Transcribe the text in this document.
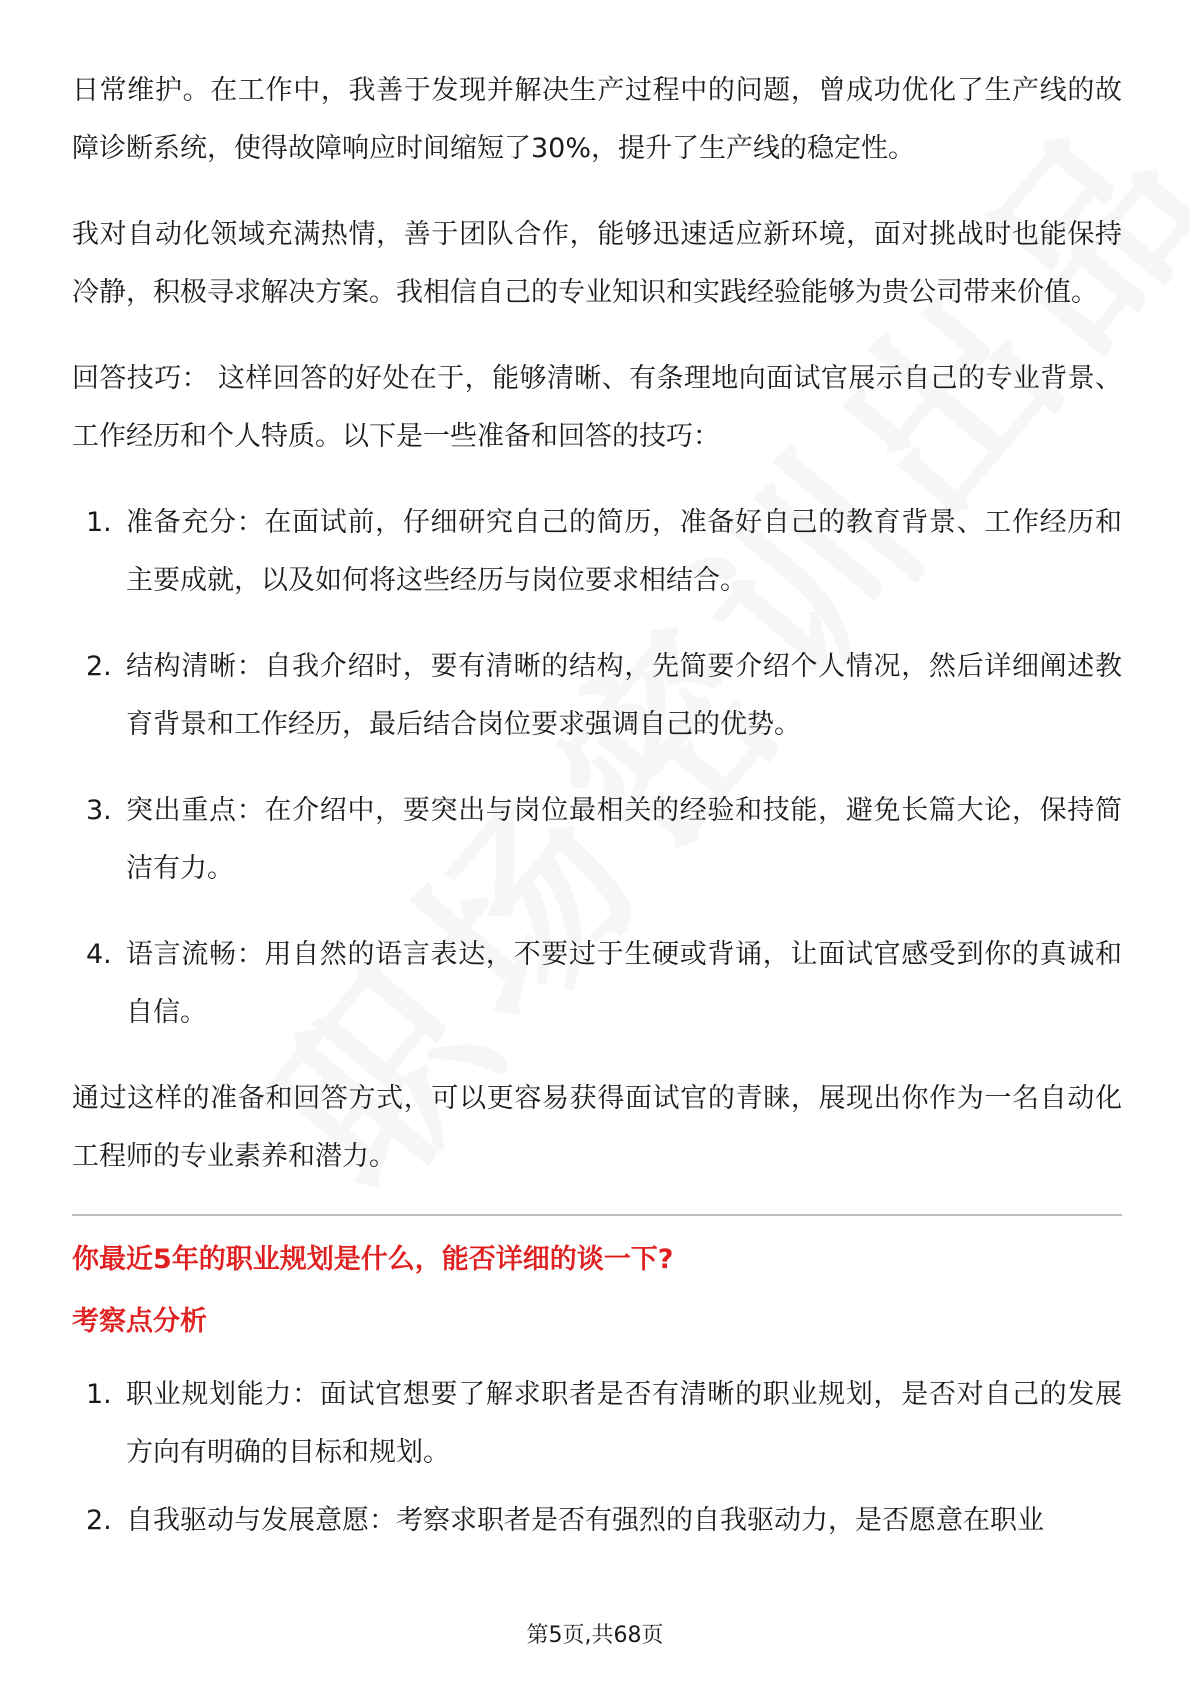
日常维护。在工作中，我善于发现并解决生产过程中的问题，曾成功优化了生产线的故障诊断系统，使得故障响应时间缩短了30%，提升了生产线的稳定性。

我对自动化领域充满热情，善于团队合作，能够迅速适应新环境，面对挑战时也能保持冷静，积极寻求解决方案。我相信自己的专业知识和实践经验能够为贵公司带来价值。

回答技巧： 这样回答的好处在于，能够清晰、有条理地向面试官展示自己的专业背景、工作经历和个人特质。以下是一些准备和回答的技巧：

1. 准备充分：在面试前，仔细研究自己的简历，准备好自己的教育背景、工作经历和主要成就，以及如何将这些经历与岗位要求相结合。
2. 结构清晰：自我介绍时，要有清晰的结构，先简要介绍个人情况，然后详细阐述教育背景和工作经历，最后结合岗位要求强调自己的优势。
3. 突出重点：在介绍中，要突出与岗位最相关的经验和技能，避免长篇大论，保持简洁有力。
4. 语言流畅：用自然的语言表达，不要过于生硬或背诵，让面试官感受到你的真诚和自信。

通过这样的准备和回答方式，可以更容易获得面试官的青睐，展现出你作为一名自动化工程师的专业素养和潜力。

你最近5年的职业规划是什么，能否详细的谈一下?
考察点分析
1. 职业规划能力：面试官想要了解求职者是否有清晰的职业规划，是否对自己的发展方向有明确的目标和规划。
2. 自我驱动与发展意愿：考察求职者是否有强烈的自我驱动力，是否愿意在职业
第5页,共68页
